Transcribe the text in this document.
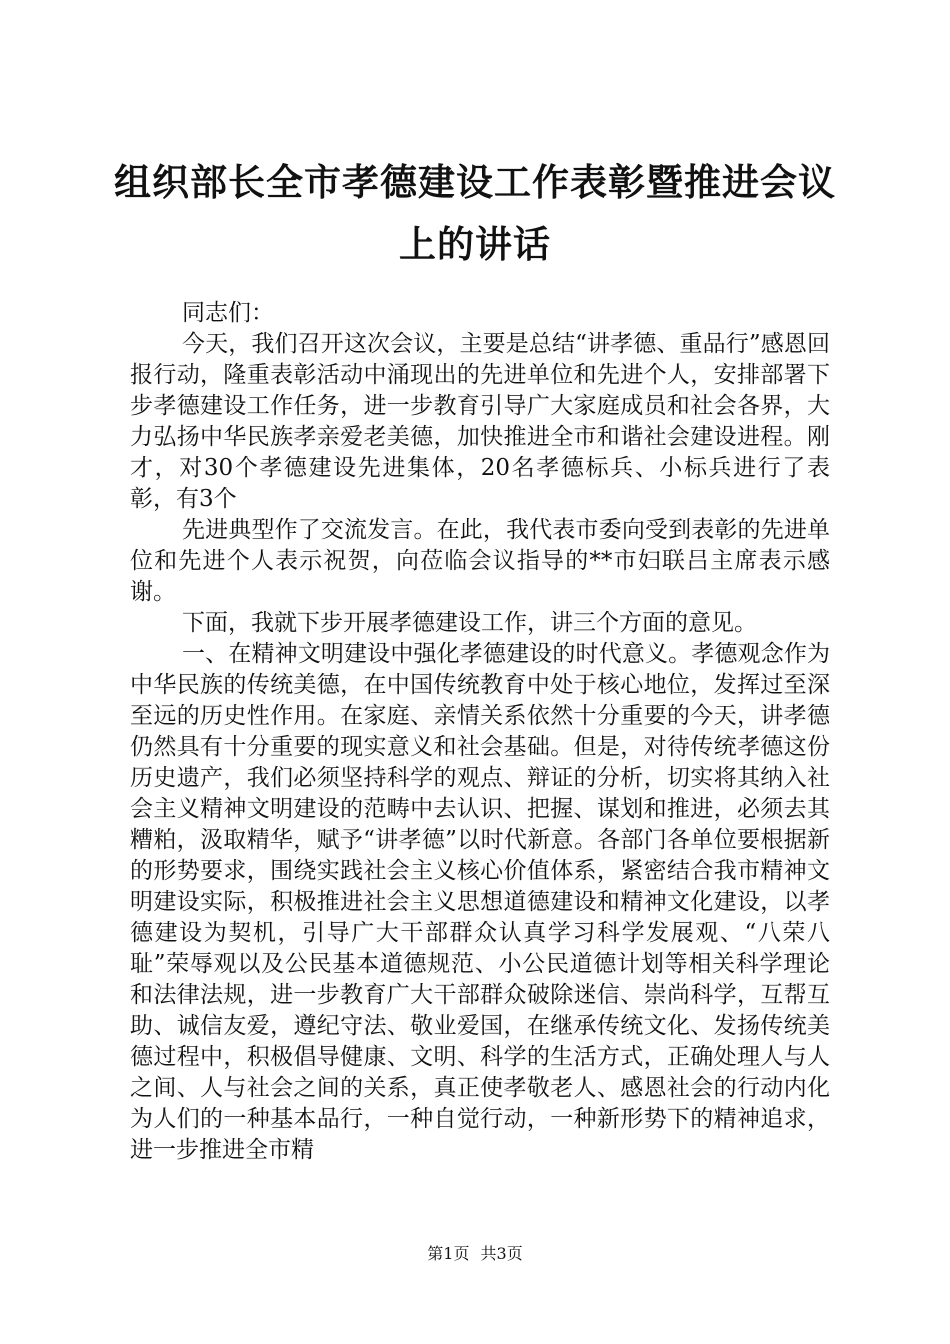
组织部长全市孝德建设工作表彰暨推进会议上的讲话

同志们：

今天，我们召开这次会议，主要是总结“讲孝德、重品行”感恩回报行动，隆重表彰活动中涌现出的先进单位和先进个人，安排部署下步孝德建设工作任务，进一步教育引导广大家庭成员和社会各界，大力弘扬中华民族孝亲爱老美德，加快推进全市和谐社会建设进程。刚才，对30个孝德建设先进集体，20名孝德标兵、小标兵进行了表彰，有3个

先进典型作了交流发言。在此，我代表市委向受到表彰的先进单位和先进个人表示祝贺，向莅临会议指导的**市妇联吕主席表示感谢。

下面，我就下步开展孝德建设工作，讲三个方面的意见。

一、在精神文明建设中强化孝德建设的时代意义。孝德观念作为中华民族的传统美德，在中国传统教育中处于核心地位，发挥过至深至远的历史性作用。在家庭、亲情关系依然十分重要的今天，讲孝德仍然具有十分重要的现实意义和社会基础。但是，对待传统孝德这份历史遗产，我们必须坚持科学的观点、辩证的分析，切实将其纳入社会主义精神文明建设的范畴中去认识、把握、谋划和推进，必须去其糟粕，汲取精华，赋予“讲孝德”以时代新意。各部门各单位要根据新的形势要求，围绕实践社会主义核心价值体系，紧密结合我市精神文明建设实际，积极推进社会主义思想道德建设和精神文化建设，以孝德建设为契机，引导广大干部群众认真学习科学发展观、“八荣八耻”荣辱观以及公民基本道德规范、小公民道德计划等相关科学理论和法律法规，进一步教育广大干部群众破除迷信、崇尚科学，互帮互助、诚信友爱，遵纪守法、敬业爱国，在继承传统文化、发扬传统美德过程中，积极倡导健康、文明、科学的生活方式，正确处理人与人之间、人与社会之间的关系，真正使孝敬老人、感恩社会的行动内化为人们的一种基本品行，一种自觉行动，一种新形势下的精神追求，进一步推进全市精

第1页 共3页
